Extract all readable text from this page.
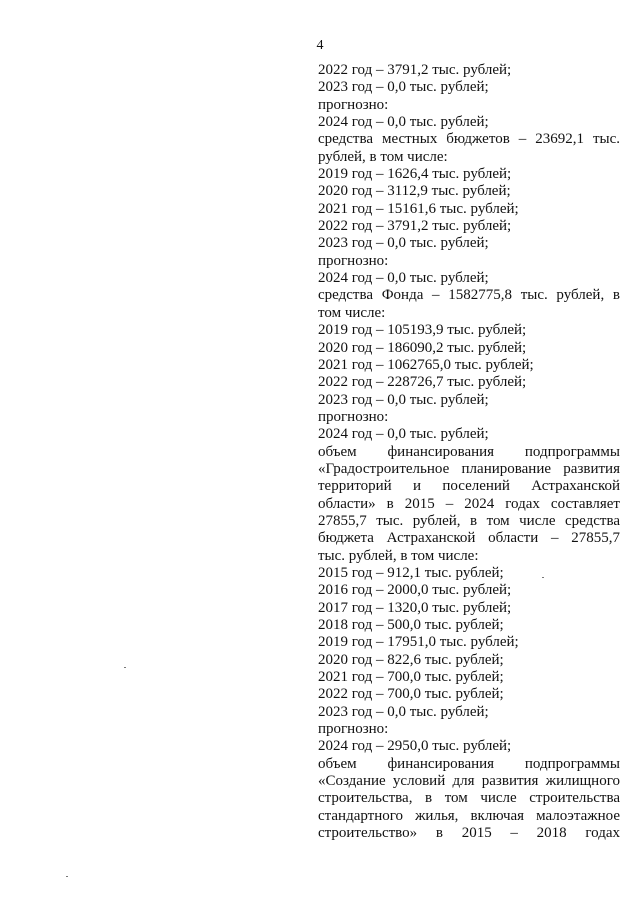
4
2022 год – 3791,2 тыс. рублей;
2023 год – 0,0 тыс. рублей;
прогнозно:
2024 год – 0,0 тыс. рублей;
средства местных бюджетов – 23692,1 тыс.
рублей, в том числе:
2019 год – 1626,4 тыс. рублей;
2020 год – 3112,9 тыс. рублей;
2021 год – 15161,6 тыс. рублей;
2022 год – 3791,2 тыс. рублей;
2023 год – 0,0 тыс. рублей;
прогнозно:
2024 год – 0,0 тыс. рублей;
средства Фонда – 1582775,8 тыс. рублей, в
том числе:
2019 год – 105193,9 тыс. рублей;
2020 год – 186090,2 тыс. рублей;
2021 год – 1062765,0 тыс. рублей;
2022 год – 228726,7 тыс. рублей;
2023 год – 0,0 тыс. рублей;
прогнозно:
2024 год – 0,0 тыс. рублей;
объем финансирования подпрограммы
«Градостроительное планирование развития
территорий и поселений Астраханской
области» в 2015 – 2024 годах составляет
27855,7 тыс. рублей, в том числе средства
бюджета Астраханской области – 27855,7
тыс. рублей, в том числе:
2015 год – 912,1 тыс. рублей;
2016 год – 2000,0 тыс. рублей;
2017 год – 1320,0 тыс. рублей;
2018 год – 500,0 тыс. рублей;
2019 год – 17951,0 тыс. рублей;
2020 год – 822,6 тыс. рублей;
2021 год – 700,0 тыс. рублей;
2022 год – 700,0 тыс. рублей;
2023 год – 0,0 тыс. рублей;
прогнозно:
2024 год – 2950,0 тыс. рублей;
объем финансирования подпрограммы
«Создание условий для развития жилищного
строительства, в том числе строительства
стандартного жилья, включая малоэтажное
строительство» в 2015 – 2018 годах
